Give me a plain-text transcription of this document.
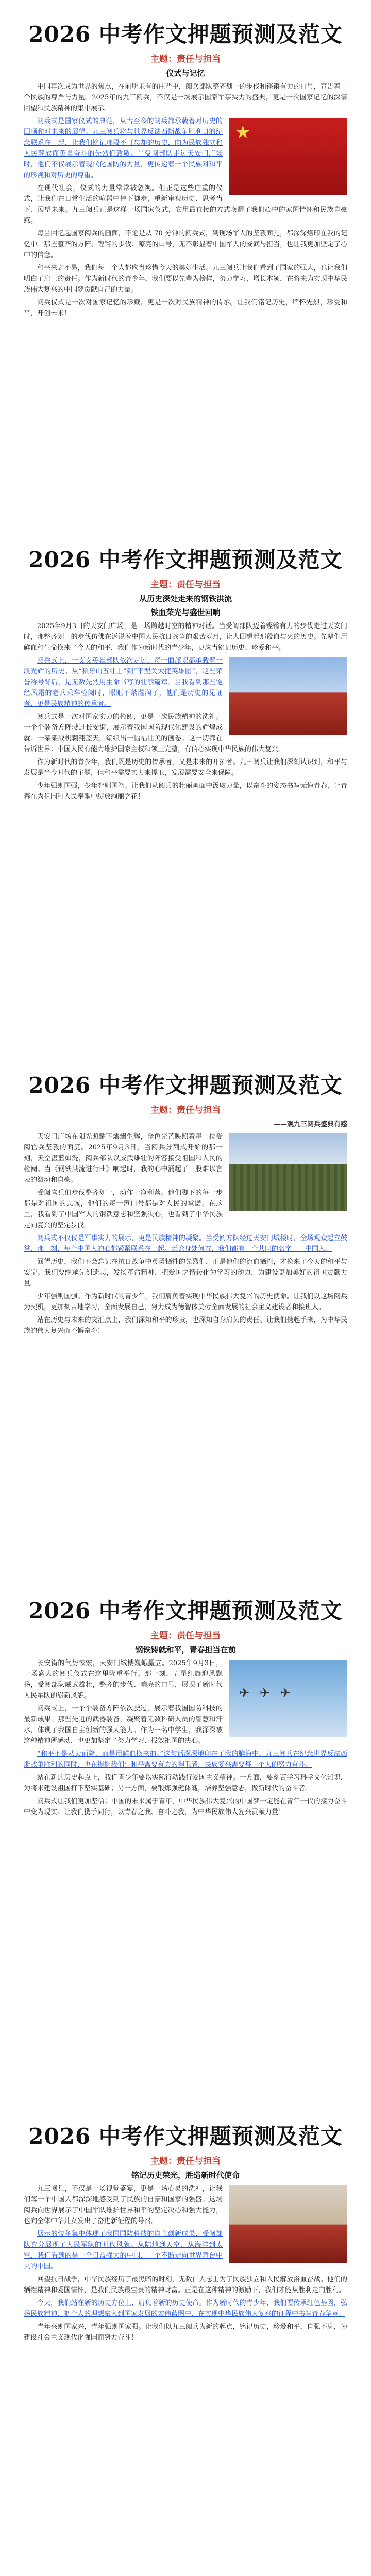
2026 中考作文押题预测及范文
主题：责任与担当
仪式与记忆

中国再次成为世界的焦点，在前所未有的庄严中，阅兵部队整齐划一的步伐和铿锵有力的口号，宣告着一个民族的尊严与力量。2025年的九三阅兵，不仅是一场展示国家军事实力的盛典，更是一次国家记忆的深情回望和民族精神的集中展示。

★

阅兵式是国家仪式的典范，从古至今的阅兵都承载着对历史的回顾和对未来的展望。九三阅兵将与世界反法西斯战争胜利日的纪念联系在一起，让我们铭记那段不可忘却的历史，向为民族独立和人民解放而英勇奋斗的先烈们致敬。当受阅部队走过天安门广场时，他们不仅展示着现代化国防的力量，更传递着一个民族对和平的珍视和对历史的尊重。

在现代社会，仪式的力量常常被忽视。但正是这些庄重的仪式，让我们在日常生活的喧嚣中停下脚步，重新审视历史、思考当下、展望未来。九三阅兵正是这样一场国家仪式，它用最直接的方式唤醒了我们心中的家国情怀和民族自豪感。

每当回忆起国家阅兵的画面，不论是从 70 分钟的阅兵式，到现场军人的坚毅面孔，都深深烙印在我的记忆中。那些整齐的方阵、铿锵的步伐、嘹亮的口号，无不彰显着中国军人的威武与担当，也让我更加坚定了心中的信念。

和平来之不易，我们每一个人都应当珍惜今天的美好生活。九三阅兵让我们看到了国家的强大，也让我们明白了肩上的责任。作为新时代的青少年，我们要以先辈为榜样，努力学习，增长本领，在将来为实现中华民族伟大复兴的中国梦贡献自己的力量。

阅兵仪式是一次对国家记忆的珍藏，更是一次对民族精神的传承。让我们铭记历史，缅怀先烈，珍爱和平，开创未来！

2026 中考作文押题预测及范文
主题：责任与担当
从历史深处走来的钢铁洪流
铁血荣光与盛世回响

2025年9月3日的天安门广场，是一场跨越时空的精神对话。当受阅部队迈着铿锵有力的步伐走过天安门时，那整齐划一的步伐仿佛在诉说着中国人民抗日战争的艰苦岁月，让人回想起那段血与火的历史。先辈们用鲜血和生命换来了今天的和平，我们作为新时代的青少年，更应当铭记历史、珍爱和平。

阅兵式上，一支支英雄部队依次走过，每一面旗帜都承载着一段光辉的历史。从“狼牙山五壮士”到“平型关大捷英雄团”，这些荣誉称号背后，是无数先烈用生命书写的壮丽篇章。当我看到那些饱经风霜的老兵乘车检阅时，眼眶不禁湿润了，他们是历史的见证者，更是民族精神的传承者。

阅兵式是一次对国家实力的检阅，更是一次民族精神的洗礼。一个个装备方阵驶过长安街，展示着我国国防现代化建设的辉煌成就；一架架战机翱翔蓝天，编织出一幅幅壮美的画卷。这一切都在告诉世界：中国人民有能力维护国家主权和领土完整，有信心实现中华民族的伟大复兴。

作为新时代的青少年，我们既是历史的传承者，又是未来的开拓者。九三阅兵让我们深刻认识到，和平与发展是当今时代的主题，但和平需要实力来捍卫，发展需要安全来保障。

少年强则国强，少年智则国智。让我们从阅兵的壮丽画面中汲取力量，以奋斗的姿态书写无悔青春，让青春在为祖国和人民奉献中绽放绚丽之花！

2026 中考作文押题预测及范文
主题：责任与担当
——观九三阅兵盛典有感

天安门广场在阳光照耀下熠熠生辉，金色光芒映照着每一位受阅官兵坚毅的面庞。2025年9月3日，当阅兵分列式开始的那一刻，天空湛蓝如洗，阅兵部队以威武雄壮的阵容接受祖国和人民的检阅。当《钢铁洪流进行曲》响起时，我的心中涌起了一股难以言表的激动和自豪。

受阅官兵们步伐整齐划一，动作干净利落。他们脚下的每一步都是对祖国的忠诚，他们的每一声口号都是对人民的承诺。在这里，我看到了中国军人的钢铁意志和坚强决心，也看到了中华民族走向复兴的坚定步伐。

阅兵式不仅仅是军事实力的展示，更是民族精神的凝聚。当受阅方队经过天安门城楼时，全场观众起立鼓掌，那一刻，每个中国人的心都紧紧联系在一起。无论身处何方，我们都有一个共同的名字——中国人。

回望历史，我们不会忘记在抗日战争中英勇牺牲的先烈们，正是他们的流血牺牲，才换来了今天的和平与安宁。我们要继承先烈遗志，发扬革命精神，把爱国之情转化为学习的动力，为建设更加美好的祖国贡献力量。

少年强则国强。作为新时代的青少年，我们肩负着实现中华民族伟大复兴的历史使命。让我们以这场阅兵为契机，更加刻苦地学习，全面发展自己，努力成为德智体美劳全面发展的社会主义建设者和接班人。

站在历史与未来的交汇点上，我们深知和平的珍贵，也深知自身肩负的责任。让我们携起手来，为中华民族的伟大复兴而不懈奋斗！

2026 中考作文押题预测及范文
主题：责任与担当
钢铁铸就和平，青春担当在前
✈ ✈ ✈

长安街的气势恢宏，天安门城楼巍峨矗立。2025年9月3日，一场盛大的阅兵仪式在这里隆重举行。那一刻，五星红旗迎风飘扬，受阅部队威武雄壮，整齐的步伐、响亮的口号，展现了新时代人民军队的崭新风貌。

阅兵式上，一个个装备方阵依次驶过，展示着我国国防科技的最新成果。那些先进的武器装备，凝聚着无数科研人员的智慧和汗水，体现了我国自主创新的强大能力。作为一名中学生，我深深被这种精神所感动，也更加坚定了努力学习、报效祖国的决心。

“和平不是从天而降，而是用鲜血换来的。”这句话深深地印在了我的脑海中。九三阅兵在纪念世界反法西斯战争胜利的同时，也在提醒我们：和平需要有力的捍卫者，民族复兴需要每一个人的努力奋斗。

站在新的历史起点上，我们青少年要以实际行动践行爱国主义精神。一方面，要刻苦学习科学文化知识，为将来建设祖国打下坚实基础；另一方面，要锻炼强健体魄，培养坚强意志，做新时代的奋斗者。

阅兵式让我们更加坚信：中国的未来属于青年，中华民族伟大复兴的中国梦一定能在青年一代的接力奋斗中变为现实。让我们携手同行，以青春之我、奋斗之我，为中华民族伟大复兴贡献力量！

2026 中考作文押题预测及范文
主题：责任与担当
铭记历史荣光，胜造新时代使命

九三阅兵，不仅是一场视觉盛宴，更是一场心灵的洗礼，让我们每一个中国人都深深地感受到了民族的自豪和国家的强盛。这场阅兵向世界展示了中国军队维护世界和平的坚定决心和强大能力，也向全体中华儿女发出了奋进新征程的号召。

展示的装备集中体现了我国国防科技的自主创新成果，受阅部队充分展现了人民军队的时代风貌。从陆地到天空，从海洋到太空，我们看到的是一个日益强大的中国，一个不断走向世界舞台中央的中国。

回望抗日战争，中华民族经历了最黑暗的时刻，无数仁人志士为了民族独立和人民解放浴血奋战。他们的牺牲精神和爱国情怀，是我们民族最宝贵的精神财富。正是在这种精神的激励下，我们才能从胜利走向胜利。

今天，我们站在新的历史方位上，肩负着新的历史使命。作为新时代的青少年，我们要传承红色基因，弘扬民族精神，把个人的理想融入到国家发展的宏伟蓝图中，在实现中华民族伟大复兴的征程中书写青春华章。

青年兴则国家兴，青年强则国家强。让我们以九三阅兵为新的起点，铭记历史，珍爱和平，自强不息，为建设社会主义现代化强国而努力奋斗！
